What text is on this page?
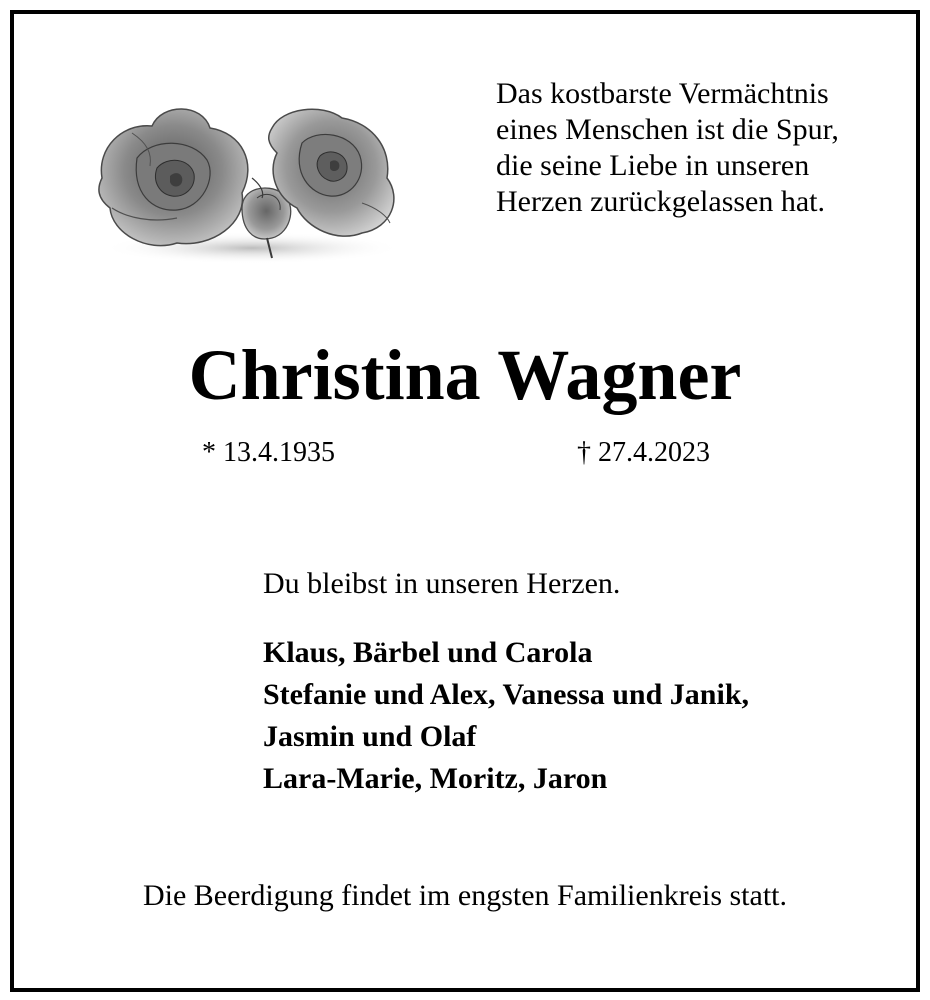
Das kostbarste Vermächtnis
eines Menschen ist die Spur,
die seine Liebe in unseren
Herzen zurückgelassen hat.
Christina Wagner
* 13.4.1935	† 27.4.2023
Du bleibst in unseren Herzen.
Klaus, Bärbel und Carola
Stefanie und Alex, Vanessa und Janik,
Jasmin und Olaf
Lara-Marie, Moritz, Jaron
Die Beerdigung findet im engsten Familienkreis statt.
